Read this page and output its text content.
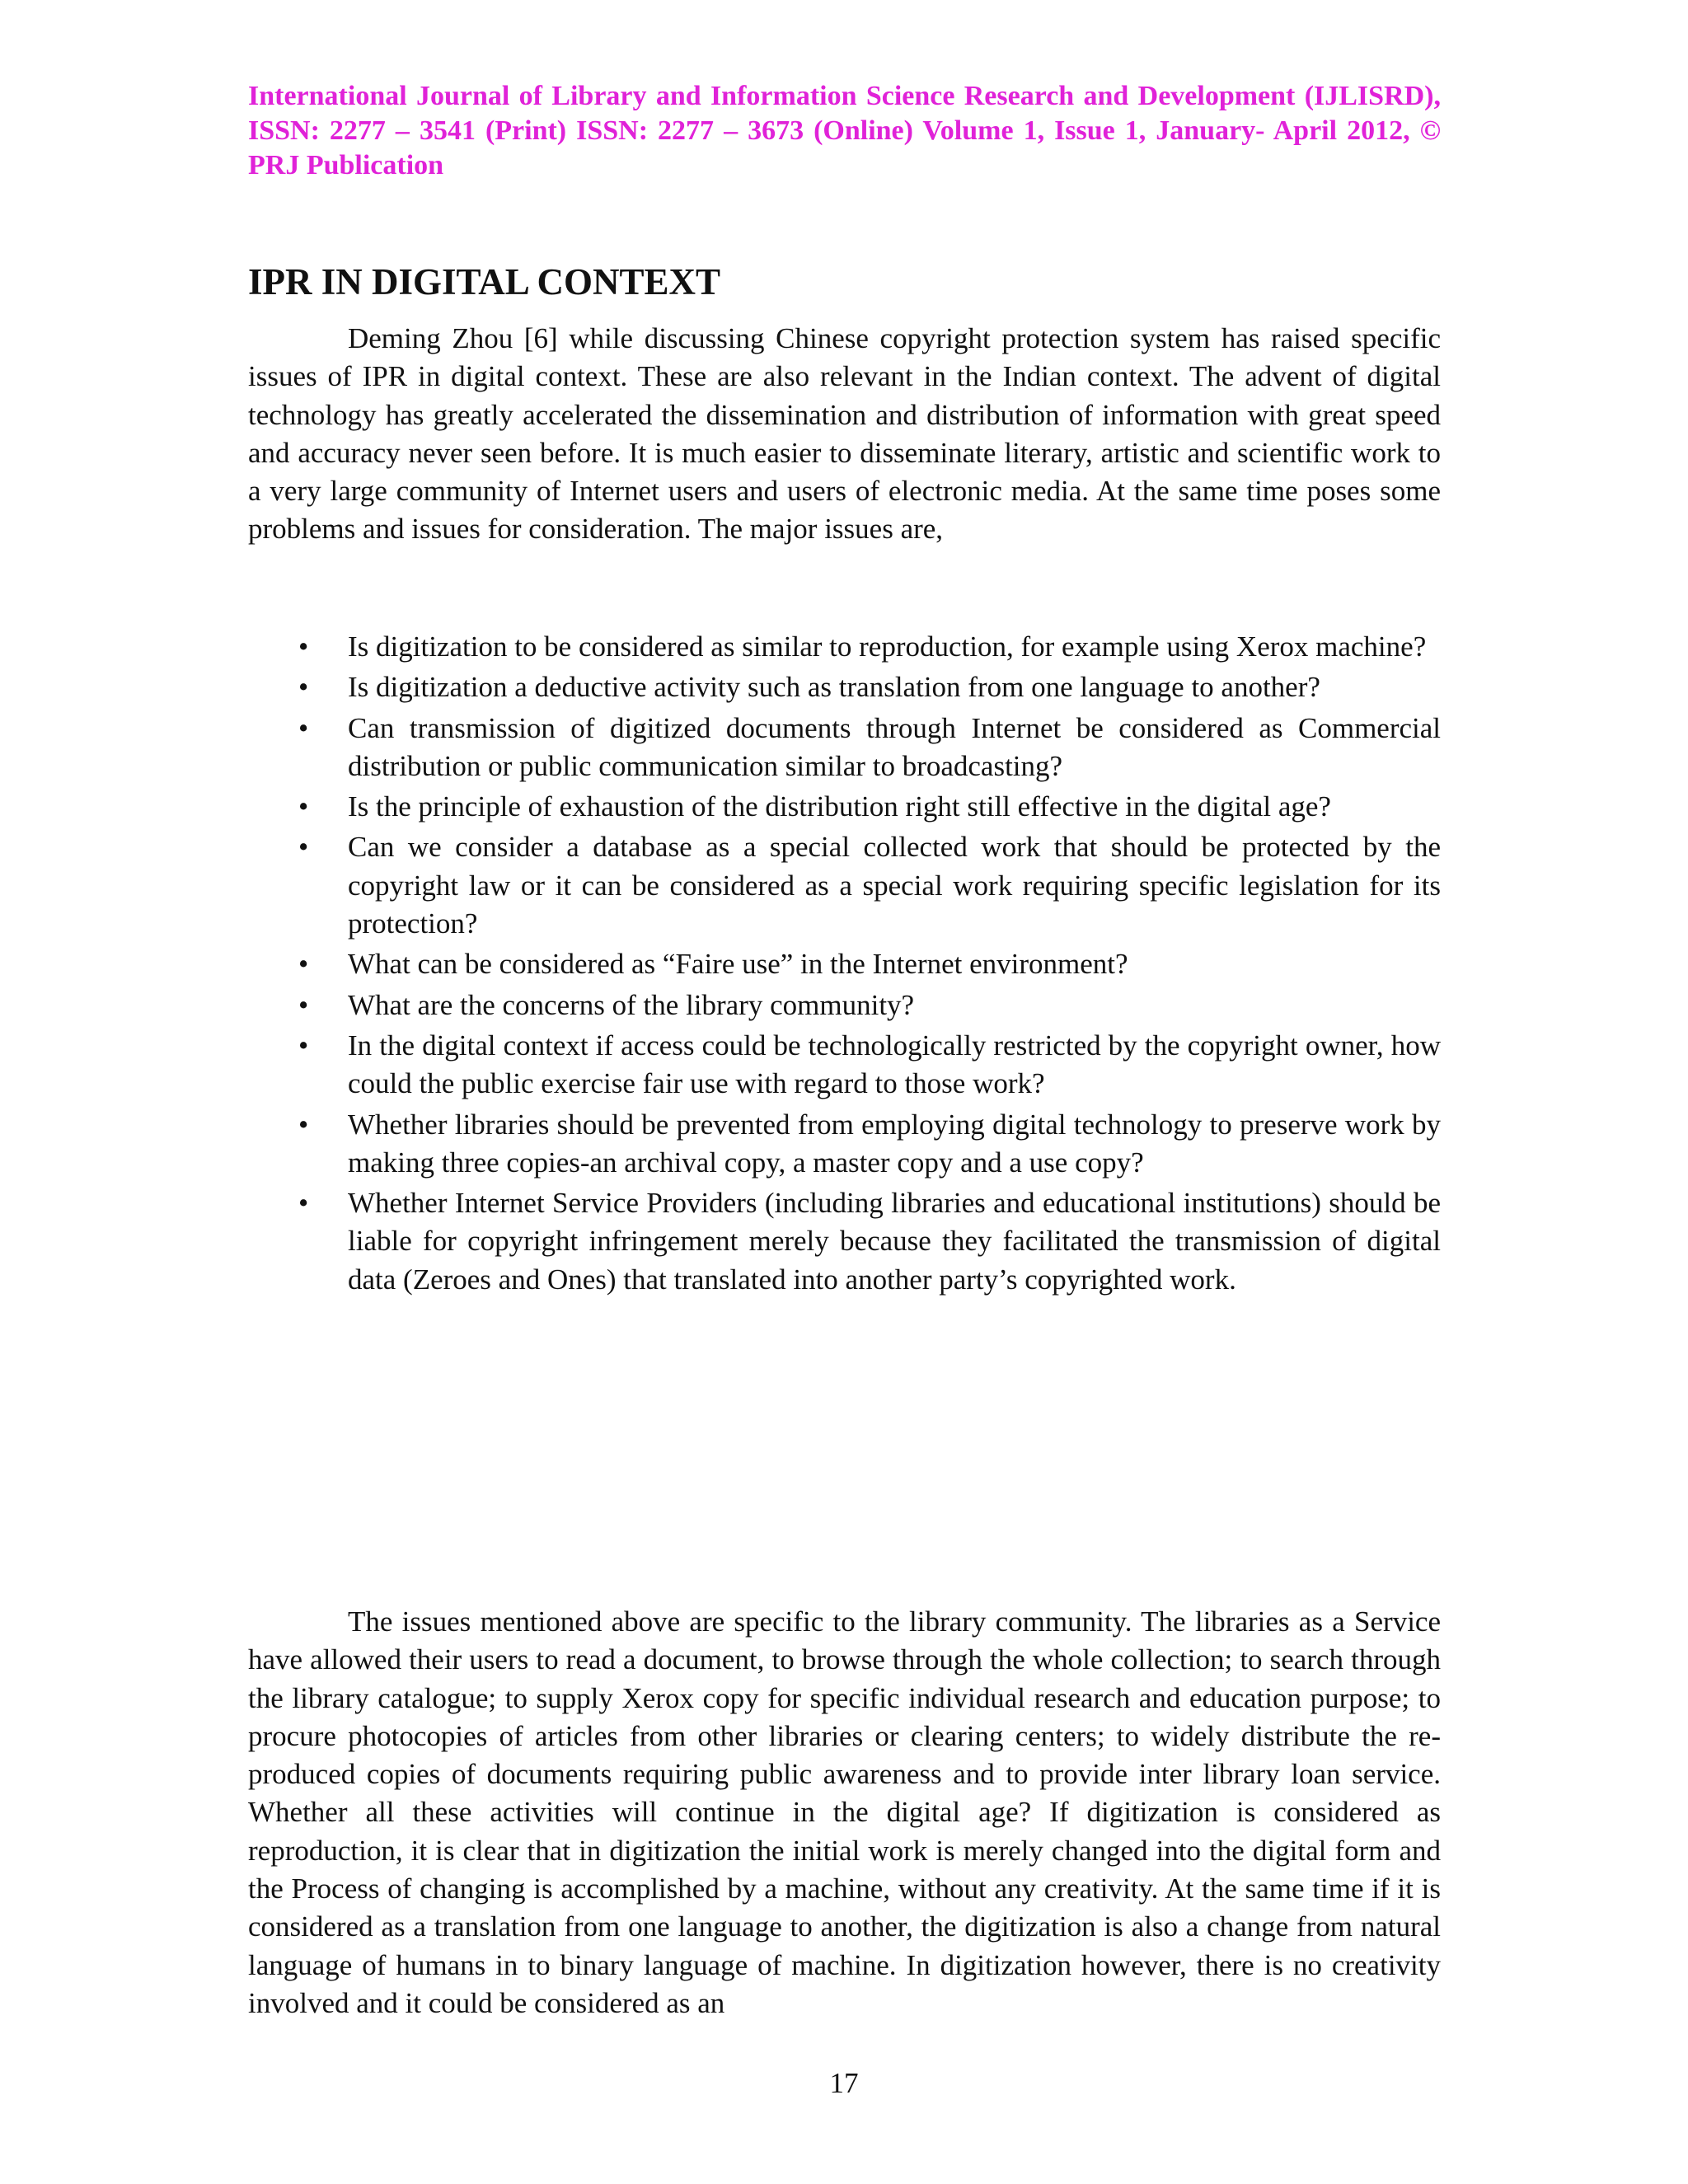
International Journal of Library and Information Science Research and Development (IJLISRD), ISSN: 2277 – 3541 (Print) ISSN: 2277 – 3673 (Online) Volume 1, Issue 1, January- April 2012, © PRJ Publication

IPR IN DIGITAL CONTEXT

Deming Zhou [6] while discussing Chinese copyright protection system has raised specific issues of IPR in digital context. These are also relevant in the Indian context. The advent of digital technology has greatly accelerated the dissemination and distribution of information with great speed and accuracy never seen before. It is much easier to disseminate literary, artistic and scientific work to a very large community of Internet users and users of electronic media. At the same time poses some problems and issues for consideration. The major issues are,

• Is digitization to be considered as similar to reproduction, for example using Xerox machine?
• Is digitization a deductive activity such as translation from one language to another?
• Can transmission of digitized documents through Internet be considered as Commercial distribution or public communication similar to broadcasting?
• Is the principle of exhaustion of the distribution right still effective in the digital age?
• Can we consider a database as a special collected work that should be protected by the copyright law or it can be considered as a special work requiring specific legislation for its protection?
• What can be considered as “Faire use” in the Internet environment?
• What are the concerns of the library community?
• In the digital context if access could be technologically restricted by the copyright owner, how could the public exercise fair use with regard to those work?
• Whether libraries should be prevented from employing digital technology to preserve work by making three copies-an archival copy, a master copy and a use copy?
• Whether Internet Service Providers (including libraries and educational institutions) should be liable for copyright infringement merely because they facilitated the transmission of digital data (Zeroes and Ones) that translated into another party’s copyrighted work.

The issues mentioned above are specific to the library community. The libraries as a Service have allowed their users to read a document, to browse through the whole collection; to search through the library catalogue; to supply Xerox copy for specific individual research and education purpose; to procure photocopies of articles from other libraries or clearing centers; to widely distribute the re-produced copies of documents requiring public awareness and to provide inter library loan service. Whether all these activities will continue in the digital age? If digitization is considered as reproduction, it is clear that in digitization the initial work is merely changed into the digital form and the Process of changing is accomplished by a machine, without any creativity. At the same time if it is considered as a translation from one language to another, the digitization is also a change from natural language of humans in to binary language of machine. In digitization however, there is no creativity involved and it could be considered as an

17
